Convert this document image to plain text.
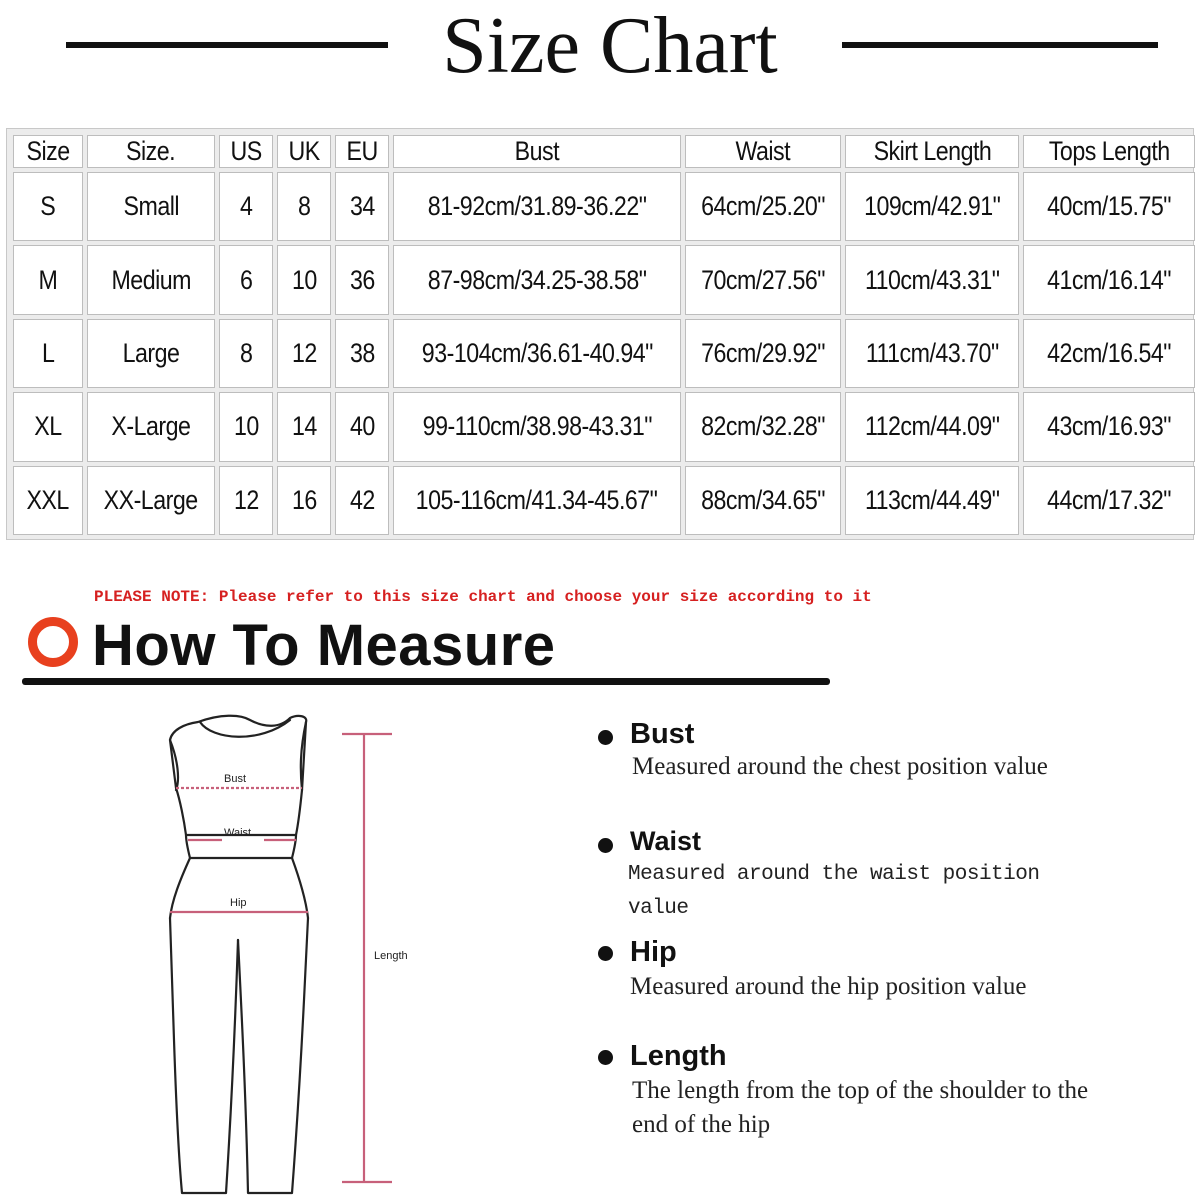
Size Chart
Size	Size.	US	UK	EU	Bust	Waist	Skirt Length	Tops Length
S	Small	4	8	34	81-92cm/31.89-36.22"	64cm/25.20"	109cm/42.91"	40cm/15.75"
M	Medium	6	10	36	87-98cm/34.25-38.58"	70cm/27.56"	110cm/43.31"	41cm/16.14"
L	Large	8	12	38	93-104cm/36.61-40.94"	76cm/29.92"	111cm/43.70"	42cm/16.54"
XL	X-Large	10	14	40	99-110cm/38.98-43.31"	82cm/32.28"	112cm/44.09"	43cm/16.93"
XXL	XX-Large	12	16	42	105-116cm/41.34-45.67"	88cm/34.65"	113cm/44.49"	44cm/17.32"
PLEASE NOTE: Please refer to this size chart and choose your size according to it
How To Measure
Bust
Waist
Hip
Length
Bust
Measured around the chest position value
Waist
Measured around the waist position value
Hip
Measured around the hip position value
Length
The length from the top of the shoulder to the end of the hip
